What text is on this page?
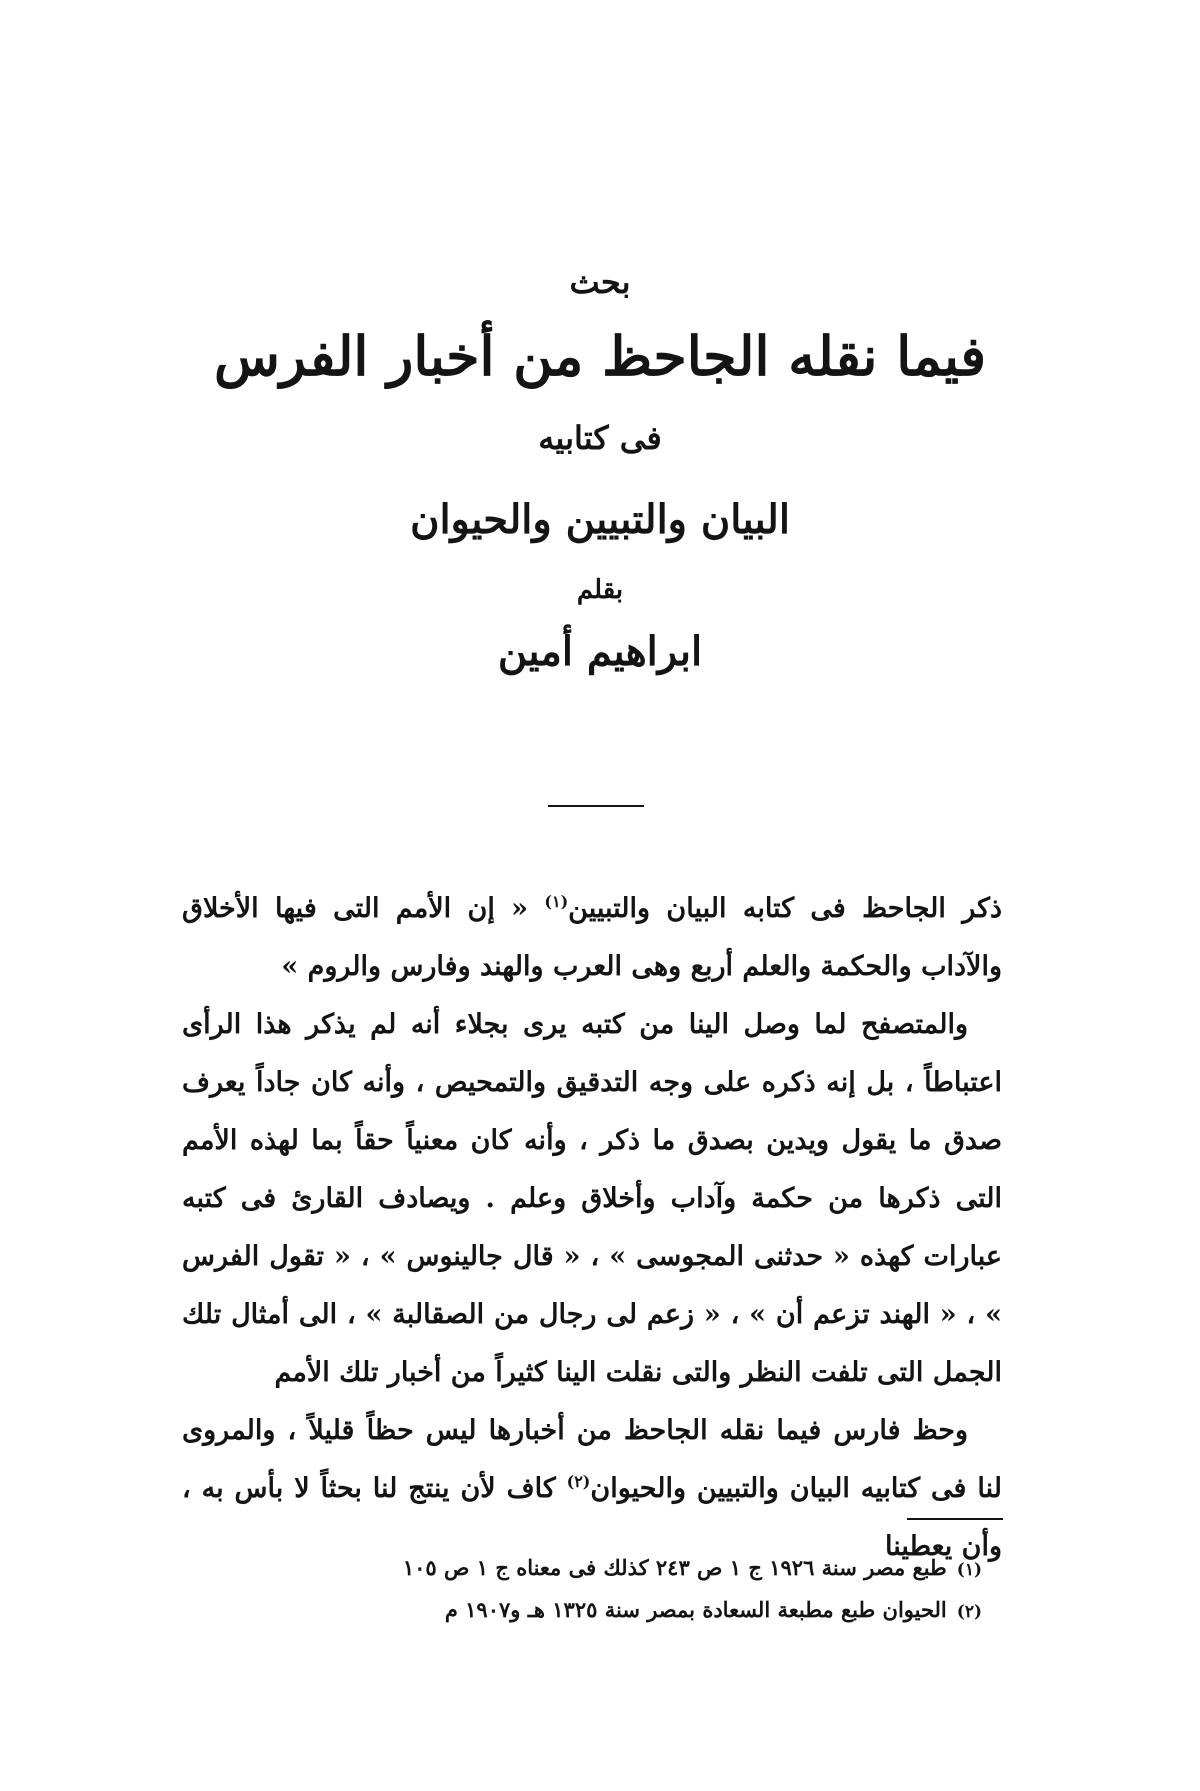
بحث
فيما نقله الجاحظ من أخبار الفرس
فى كتابيه
البيان والتبيين والحيوان
بقلم
ابراهيم أمين

ذكر الجاحظ فى كتابه البيان والتبيين$^{(١)}$ « إن الأمم التى فيها الأخلاق والآداب والحكمة والعلم أربع وهى العرب والهند وفارس والروم »

والمتصفح لما وصل الينا من كتبه يرى بجلاء أنه لم يذكر هذا الرأى اعتباطاً ، بل إنه ذكره على وجه التدقيق والتمحيص ، وأنه كان جاداً يعرف صدق ما يقول ويدين بصدق ما ذكر ، وأنه كان معنياً حقاً بما لهذه الأمم التى ذكرها من حكمة وآداب وأخلاق وعلم . ويصادف القارئ فى كتبه عبارات كهذه « حدثنى المجوسى » ، « قال جالينوس » ، « تقول الفرس » ، « الهند تزعم أن » ، « زعم لى رجال من الصقالبة » ، الى أمثال تلك الجمل التى تلفت النظر والتى نقلت الينا كثيراً من أخبار تلك الأمم

وحظ فارس فيما نقله الجاحظ من أخبارها ليس حظاً قليلاً ، والمروى لنا فى كتابيه البيان والتبيين والحيوان$^{(٢)}$ كاف لأن ينتج لنا بحثاً لا بأس به ، وأن يعطينا

(١)طبع مصر سنة ١٩٢٦ ج ١ ص ٢٤٣ كذلك فى معناه ج ١ ص ١٠٥
(٢)الحيوان طبع مطبعة السعادة بمصر سنة ١٣٢٥ هـ و١٩٠٧ م
